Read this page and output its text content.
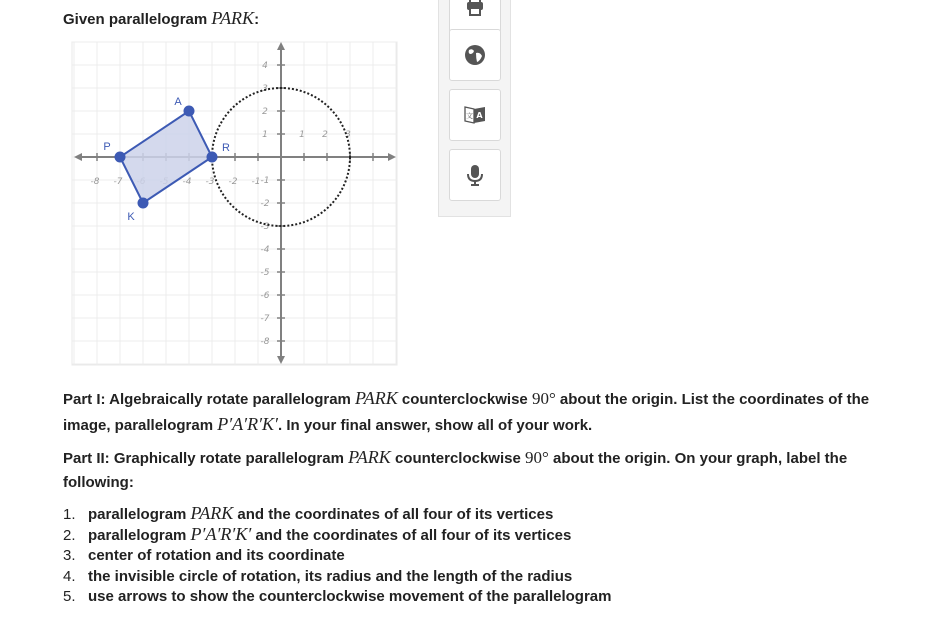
Given parallelogram PARK:
-8 -7	-4 -3 -2 -1
1 2 3
4
3
2
1
-1
-2
-3
-4
-5
-6
-7
-8
P
A
R
K
文 A
Part I: Algebraically rotate parallelogram PARK counterclockwise 90° about the origin. List the coordinates of the image, parallelogram P′A′R′K′. In your final answer, show all of your work.
Part II: Graphically rotate parallelogram PARK counterclockwise 90° about the origin. On your graph, label the following:
1. parallelogram PARK and the coordinates of all four of its vertices
2. parallelogram P′A′R′K′ and the coordinates of all four of its vertices
3. center of rotation and its coordinate
4. the invisible circle of rotation, its radius and the length of the radius
5. use arrows to show the counterclockwise movement of the parallelogram
